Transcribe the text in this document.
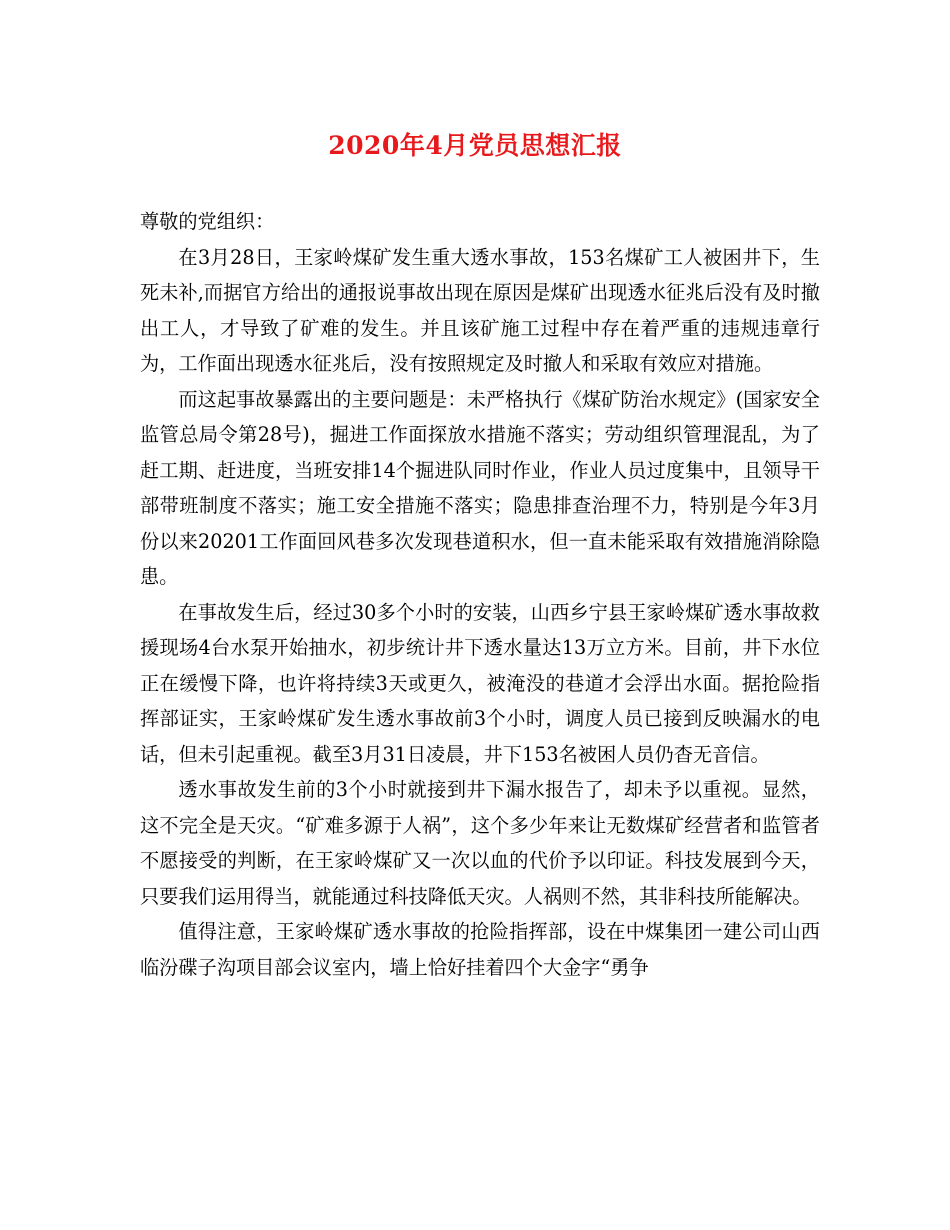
2020年4月党员思想汇报

尊敬的党组织：

在3月28日，王家岭煤矿发生重大透水事故，153名煤矿工人被困井下，生死未补,而据官方给出的通报说事故出现在原因是煤矿出现透水征兆后没有及时撤出工人，才导致了矿难的发生。并且该矿施工过程中存在着严重的违规违章行为，工作面出现透水征兆后，没有按照规定及时撤人和采取有效应对措施。

而这起事故暴露出的主要问题是：未严格执行《煤矿防治水规定》(国家安全监管总局令第28号)，掘进工作面探放水措施不落实；劳动组织管理混乱，为了赶工期、赶进度，当班安排14个掘进队同时作业，作业人员过度集中，且领导干部带班制度不落实；施工安全措施不落实；隐患排查治理不力，特别是今年3月份以来20201工作面回风巷多次发现巷道积水，但一直未能采取有效措施消除隐患。

在事故发生后，经过30多个小时的安装，山西乡宁县王家岭煤矿透水事故救援现场4台水泵开始抽水，初步统计井下透水量达13万立方米。目前，井下水位正在缓慢下降，也许将持续3天或更久，被淹没的巷道才会浮出水面。据抢险指挥部证实，王家岭煤矿发生透水事故前3个小时，调度人员已接到反映漏水的电话，但未引起重视。截至3月31日凌晨，井下153名被困人员仍杳无音信。

透水事故发生前的3个小时就接到井下漏水报告了，却未予以重视。显然，这不完全是天灾。“矿难多源于人祸”，这个多少年来让无数煤矿经营者和监管者不愿接受的判断，在王家岭煤矿又一次以血的代价予以印证。科技发展到今天，只要我们运用得当，就能通过科技降低天灾。人祸则不然，其非科技所能解决。

值得注意，王家岭煤矿透水事故的抢险指挥部，设在中煤集团一建公司山西临汾碟子沟项目部会议室内，墙上恰好挂着四个大金字“勇争
